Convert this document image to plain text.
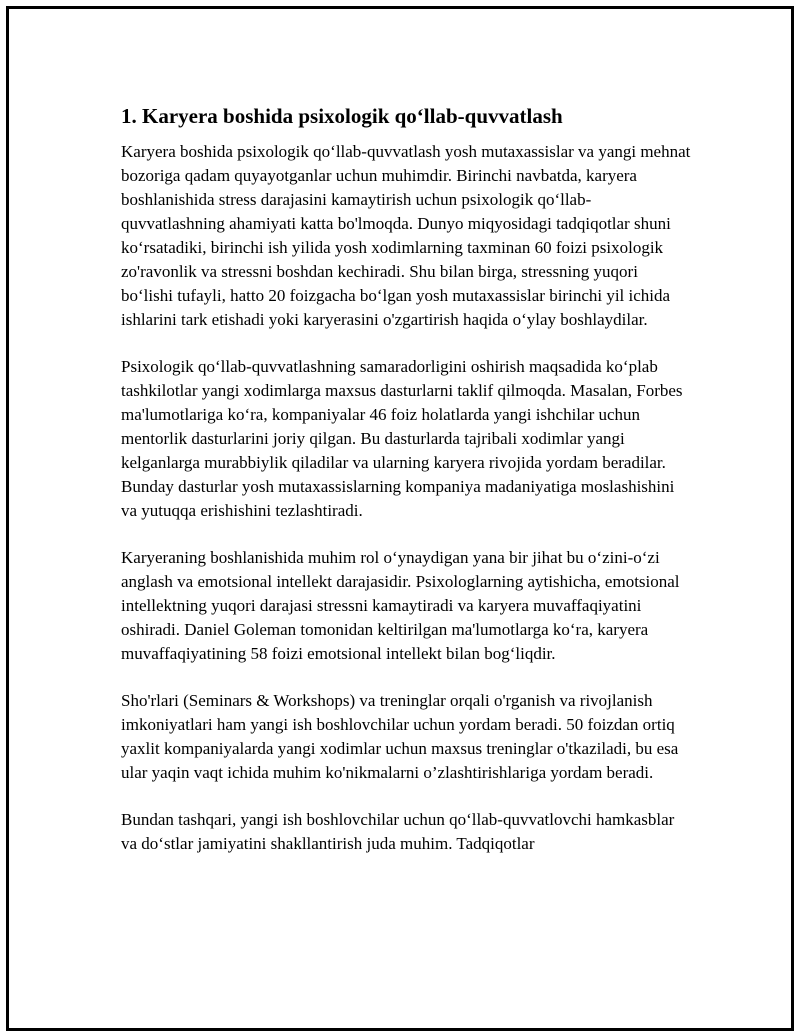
1. Karyera boshida psixologik qo‘llab-quvvatlash

Karyera boshida psixologik qo‘llab-quvvatlash yosh mutaxassislar va yangi mehnat bozoriga qadam quyayotganlar uchun muhimdir. Birinchi navbatda, karyera boshlanishida stress darajasini kamaytirish uchun psixologik qo‘llab-quvvatlashning ahamiyati katta bo'lmoqda. Dunyo miqyosidagi tadqiqotlar shuni ko‘rsatadiki, birinchi ish yilida yosh xodimlarning taxminan 60 foizi psixologik zo'ravonlik va stressni boshdan kechiradi. Shu bilan birga, stressning yuqori bo‘lishi tufayli, hatto 20 foizgacha bo‘lgan yosh mutaxassislar birinchi yil ichida ishlarini tark etishadi yoki karyerasini o'zgartirish haqida o‘ylay boshlaydilar.

Psixologik qo‘llab-quvvatlashning samaradorligini oshirish maqsadida ko‘plab tashkilotlar yangi xodimlarga maxsus dasturlarni taklif qilmoqda. Masalan, Forbes ma'lumotlariga ko‘ra, kompaniyalar 46 foiz holatlarda yangi ishchilar uchun mentorlik dasturlarini joriy qilgan. Bu dasturlarda tajribali xodimlar yangi kelganlarga murabbiylik qiladilar va ularning karyera rivojida yordam beradilar. Bunday dasturlar yosh mutaxassislarning kompaniya madaniyatiga moslashishini va yutuqqa erishishini tezlashtiradi.

Karyeraning boshlanishida muhim rol o‘ynaydigan yana bir jihat bu o‘zini-o‘zi anglash va emotsional intellekt darajasidir. Psixologlarning aytishicha, emotsional intellektning yuqori darajasi stressni kamaytiradi va karyera muvaffaqiyatini oshiradi. Daniel Goleman tomonidan keltirilgan ma'lumotlarga ko‘ra, karyera muvaffaqiyatining 58 foizi emotsional intellekt bilan bog‘liqdir.

Sho'rlari (Seminars & Workshops) va treninglar orqali o'rganish va rivojlanish imkoniyatlari ham yangi ish boshlovchilar uchun yordam beradi. 50 foizdan ortiq yaxlit kompaniyalarda yangi xodimlar uchun maxsus treninglar o'tkaziladi, bu esa ular yaqin vaqt ichida muhim ko'nikmalarni o’zlashtirishlariga yordam beradi.

Bundan tashqari, yangi ish boshlovchilar uchun qo‘llab-quvvatlovchi hamkasblar va do‘stlar jamiyatini shakllantirish juda muhim. Tadqiqotlar
